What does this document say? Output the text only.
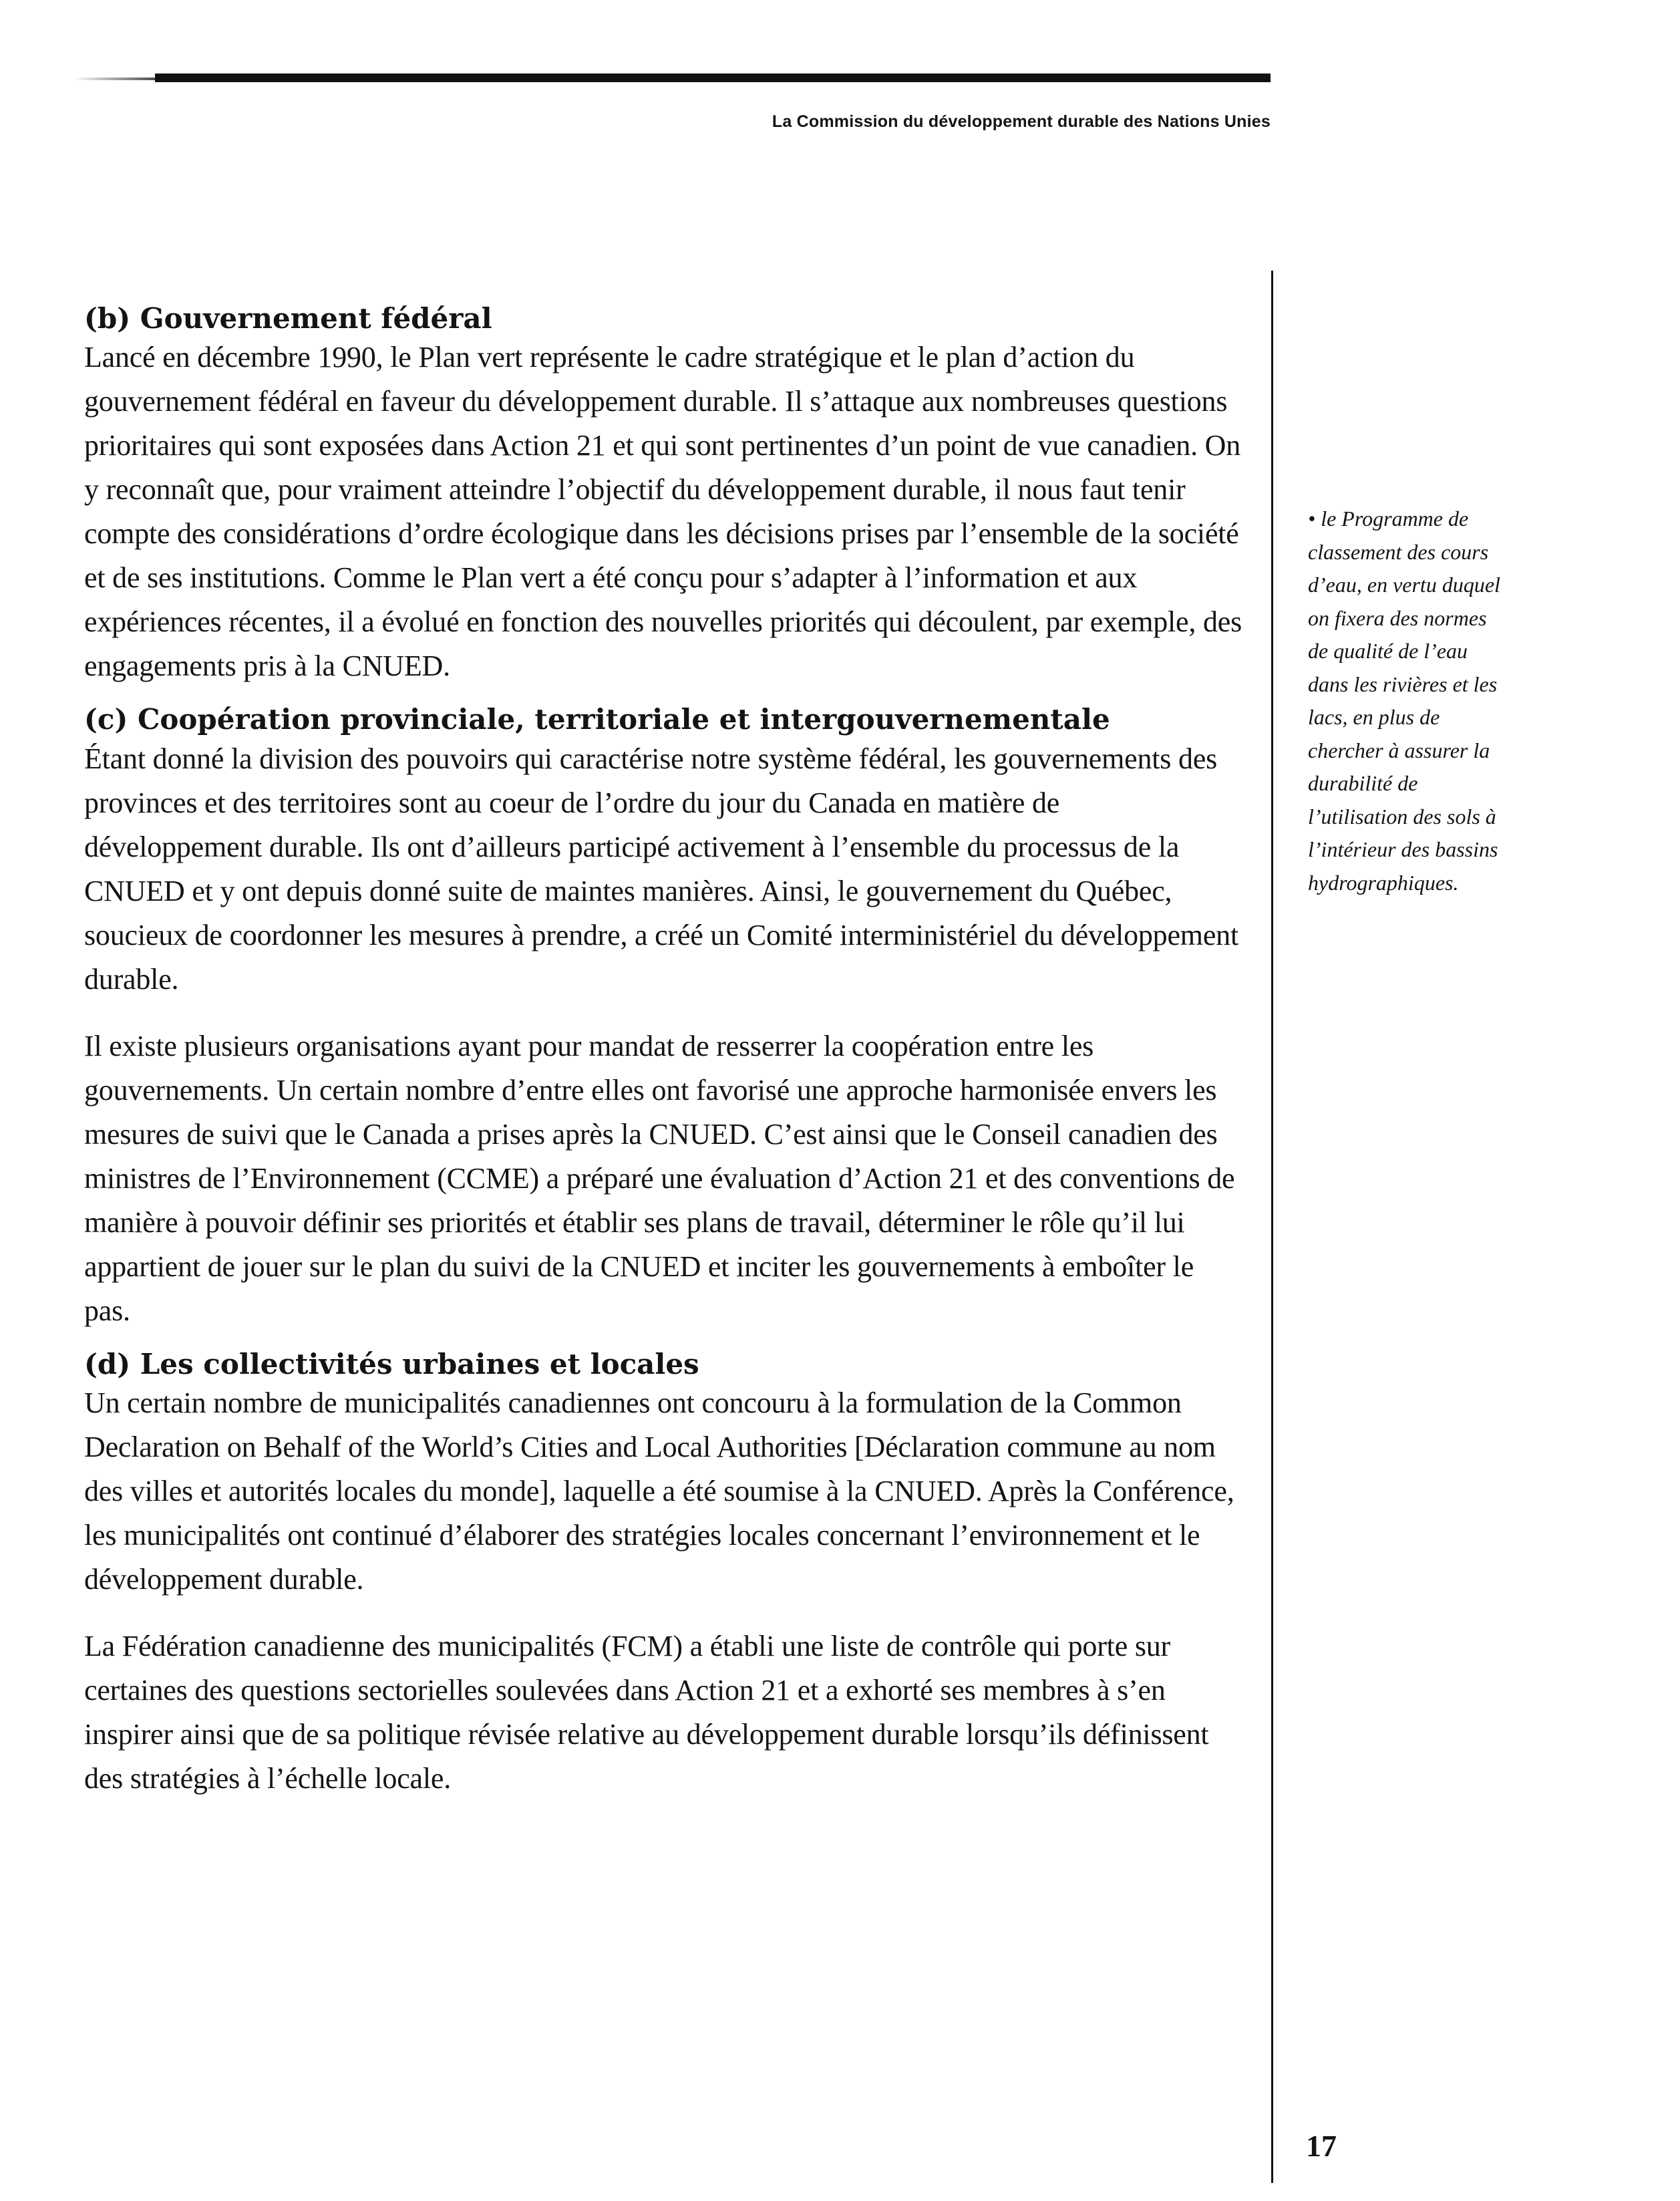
La Commission du développement durable des Nations Unies
(b) Gouvernement fédéral

Lancé en décembre 1990, le Plan vert représente le cadre stratégique et le plan d’action du gouvernement fédéral en faveur du développement durable. Il s’attaque aux nombreuses questions prioritaires qui sont exposées dans Action 21 et qui sont pertinentes d’un point de vue canadien. On y reconnaît que, pour vraiment atteindre l’objectif du développement durable, il nous faut tenir compte des considérations d’ordre écologique dans les décisions prises par l’ensemble de la société et de ses institutions. Comme le Plan vert a été conçu pour s’adapter à l’information et aux expériences récentes, il a évolué en fonction des nouvelles priorités qui découlent, par exemple, des engagements pris à la CNUED.

(c) Coopération provinciale, territoriale et intergouvernementale

Étant donné la division des pouvoirs qui caractérise notre système fédéral, les gouvernements des provinces et des territoires sont au coeur de l’ordre du jour du Canada en matière de développement durable. Ils ont d’ailleurs participé activement à l’ensemble du processus de la CNUED et y ont depuis donné suite de maintes manières. Ainsi, le gouvernement du Québec, soucieux de coordonner les mesures à prendre, a créé un Comité interministériel du développement durable.

Il existe plusieurs organisations ayant pour mandat de resserrer la coopération entre les gouvernements. Un certain nombre d’entre elles ont favorisé une approche harmonisée envers les mesures de suivi que le Canada a prises après la CNUED. C’est ainsi que le Conseil canadien des ministres de l’Environnement (CCME) a préparé une évaluation d’Action 21 et des conventions de manière à pouvoir définir ses priorités et établir ses plans de travail, déterminer le rôle qu’il lui appartient de jouer sur le plan du suivi de la CNUED et inciter les gouvernements à emboîter le pas.

(d) Les collectivités urbaines et locales

Un certain nombre de municipalités canadiennes ont concouru à la formulation de la Common Declaration on Behalf of the World’s Cities and Local Authorities [Déclaration commune au nom des villes et autorités locales du monde], laquelle a été soumise à la CNUED. Après la Conférence, les municipalités ont continué d’élaborer des stratégies locales concernant l’environnement et le développement durable.

La Fédération canadienne des municipalités (FCM) a établi une liste de contrôle qui porte sur certaines des questions sectorielles soulevées dans Action 21 et a exhorté ses membres à s’en inspirer ainsi que de sa politique révisée relative au développement durable lorsqu’ils définissent des stratégies à l’échelle locale.

• le Programme de classement des cours d’eau, en vertu duquel on fixera des normes de qualité de l’eau dans les rivières et les lacs, en plus de chercher à assurer la durabilité de l’utilisation des sols à l’intérieur des bassins hydrographiques.
17
